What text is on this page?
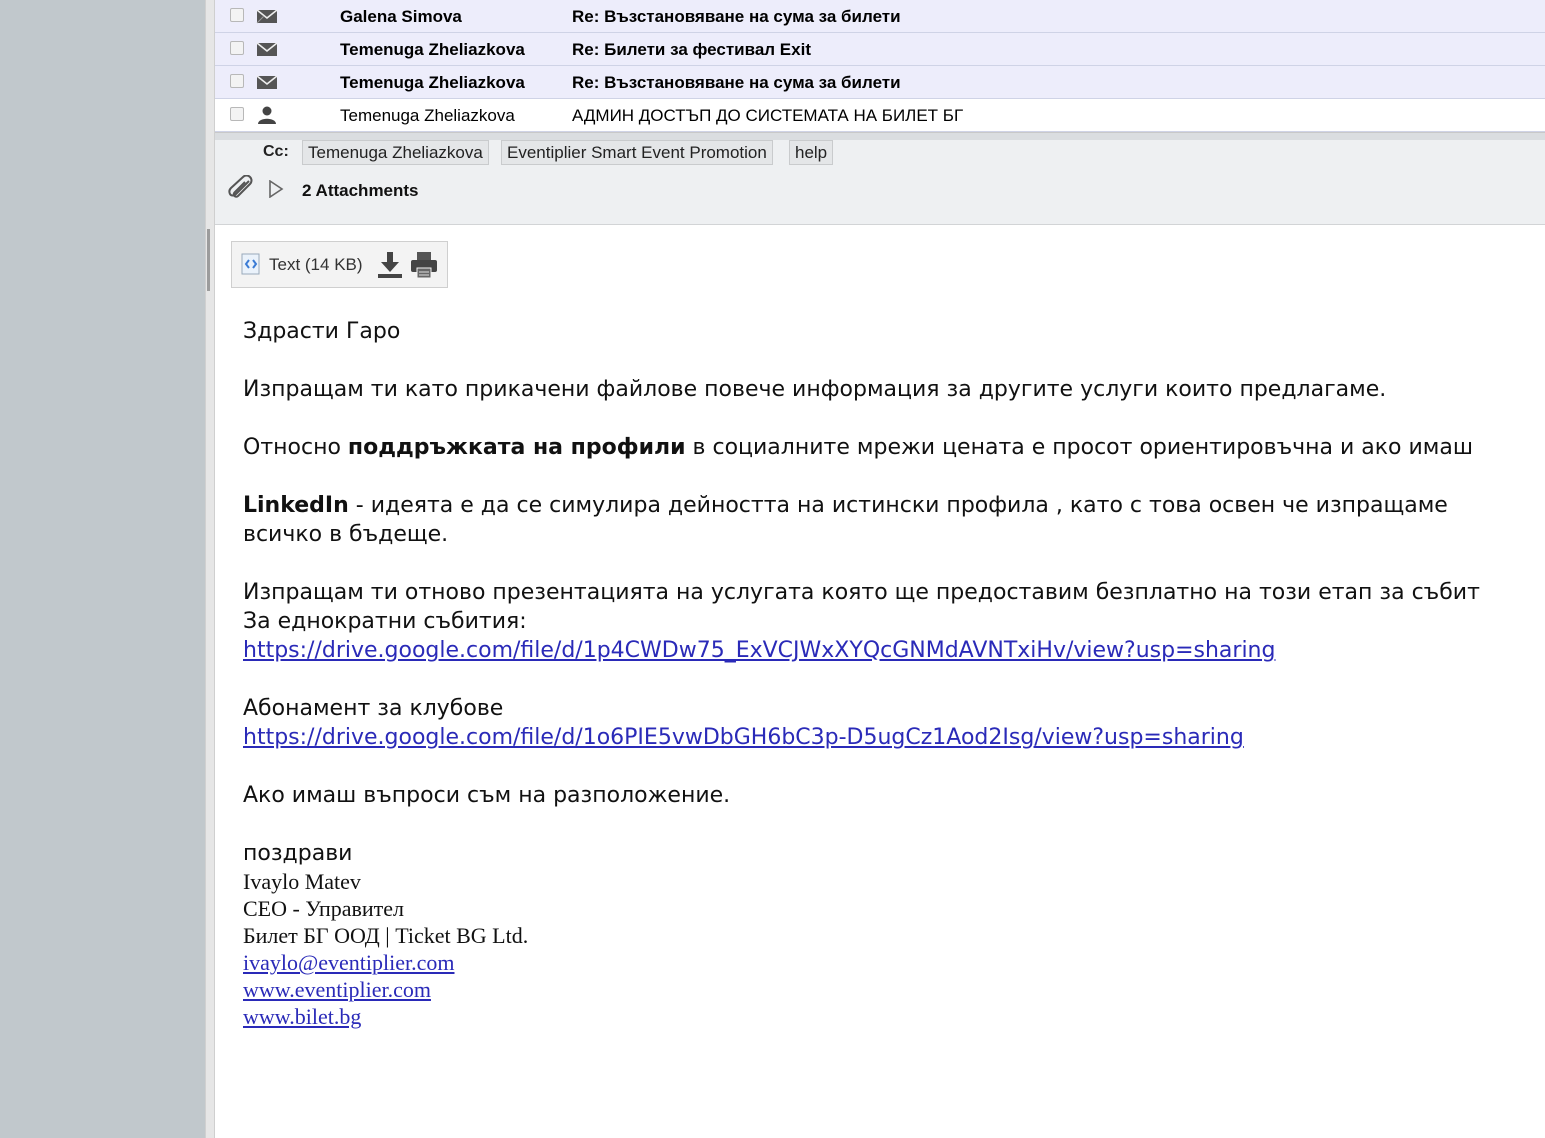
Galena Simova	Re: Възстановяване на сума за билети
Temenuga Zheliazkova	Re: Билети за фестивал Exit
Temenuga Zheliazkova	Re: Възстановяване на сума за билети
Temenuga Zheliazkova	АДМИН ДОСТЪП ДО СИСТЕМАТА НА БИЛЕТ БГ
Cc:	Temenuga Zheliazkova	Eventiplier Smart Event Promotion	help
2 Attachments
Text (14 KB)

Здрасти Гаро

Изпращам ти като прикачени файлове повече информация за другите услуги които предлагаме.

Относно поддръжката на профили в социалните мрежи цената е просот ориентировъчна и ако имаш

LinkedIn - идеята е да се симулира дейността на истински профила , като с това освен че изпращаме
всичко в бъдеще.

Изпращам ти отново презентацията на услугата която ще предоставим безплатно на този етап за събит
За еднократни събития:
https://drive.google.com/file/d/1p4CWDw75_ExVCJWxXYQcGNMdAVNTxiHv/view?usp=sharing

Абонамент за клубове
https://drive.google.com/file/d/1o6PIE5vwDbGH6bC3p-D5ugCz1Aod2Isg/view?usp=sharing

Ако имаш въпроси съм на разположение.

поздрави
Ivaylo Matev
CEO - Управител
Билет БГ ООД | Ticket BG Ltd.
ivaylo@eventiplier.com
www.eventiplier.com
www.bilet.bg
